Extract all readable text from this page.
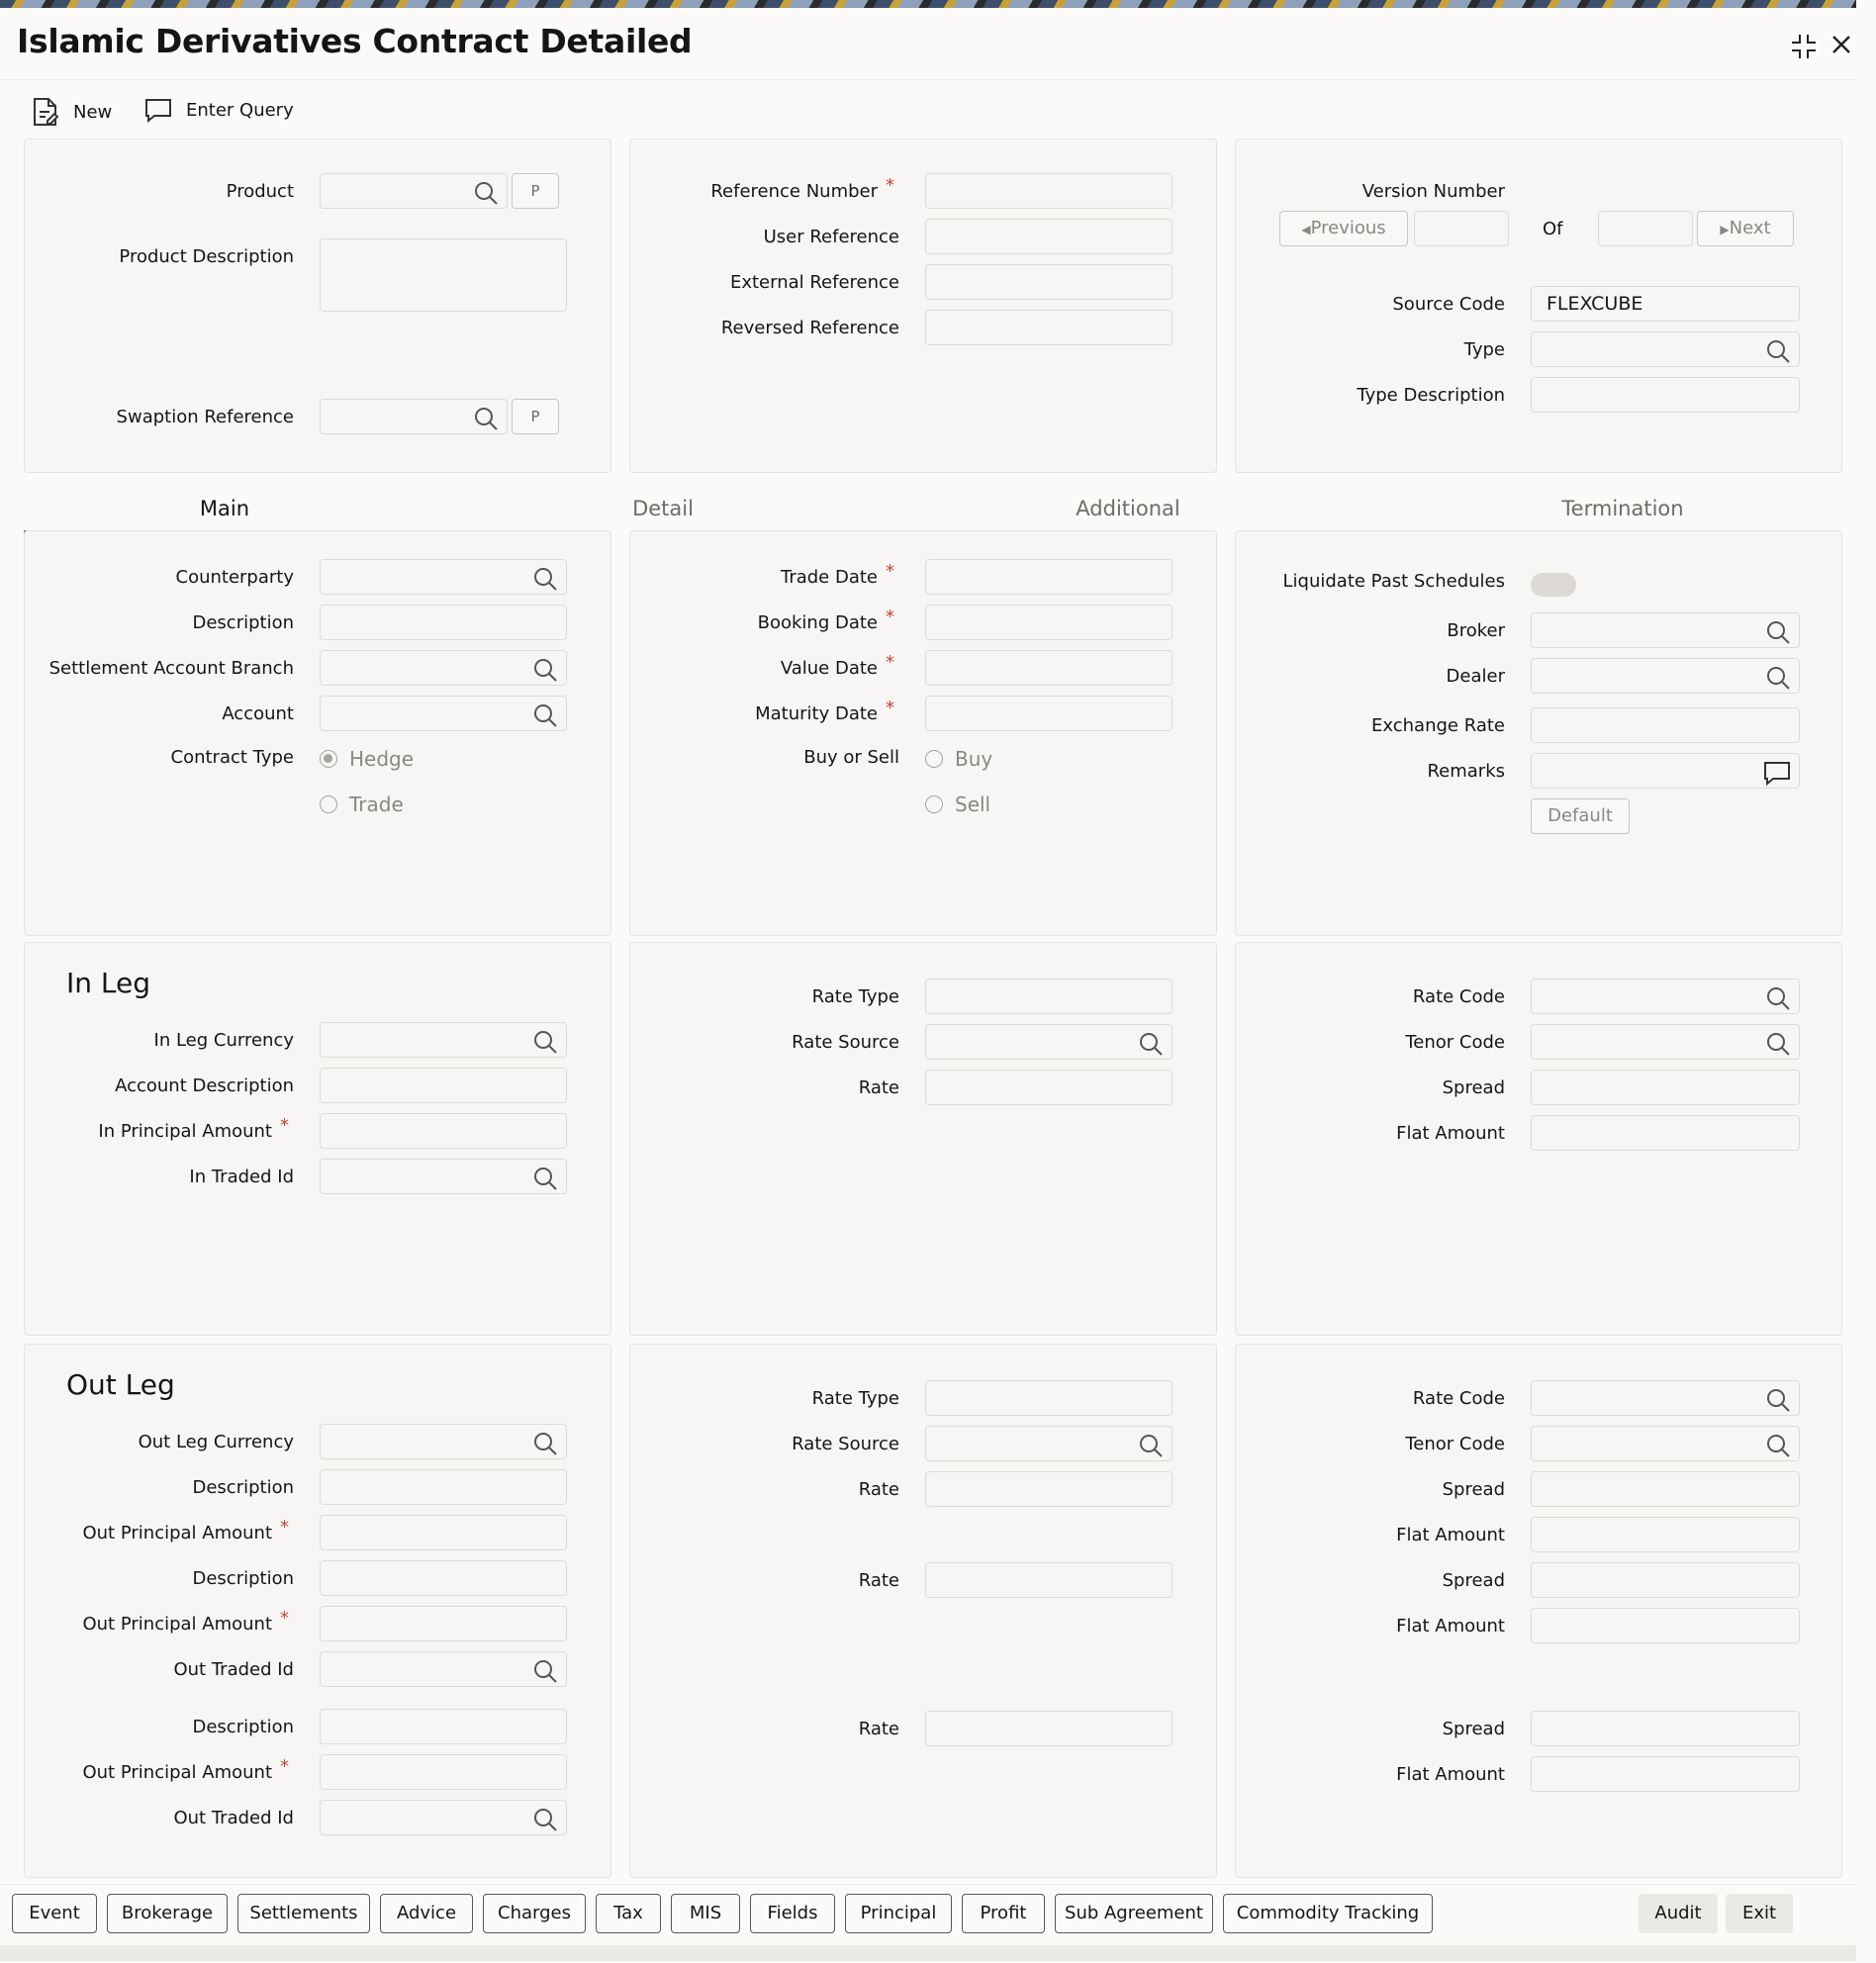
Islamic Derivatives Contract Detailed
New	Enter Query
Product	P
Product Description
Swaption Reference	P
Reference Number *
User Reference
External Reference
Reversed Reference
Version Number
◀Previous	Of	▶Next
Source Code FLEXCUBE
Type
Type Description
Main	Detail	Additional	Termination
Counterparty
Description
Settlement Account Branch
Account
Contract Type	Hedge
Trade
Trade Date *
Booking Date *
Value Date *
Maturity Date *
Buy or Sell	Buy
Sell
Liquidate Past Schedules
Broker
Dealer
Exchange Rate
Remarks
Default
In Leg
In Leg Currency
Account Description
In Principal Amount *
In Traded Id
Rate Type
Rate Source
Rate
Rate Code
Tenor Code
Spread
Flat Amount
Out Leg
Out Leg Currency
Description
Out Principal Amount *
Description
Out Principal Amount *
Out Traded Id
Description
Out Principal Amount *
Out Traded Id
Rate Type
Rate Source
Rate
Rate
Rate
Rate Code
Tenor Code
Spread
Flat Amount
Spread
Flat Amount
Spread
Flat Amount
Event	Brokerage	Settlements	Advice	Charges	Tax	MIS	Fields	Principal	Profit	Sub Agreement	Commodity Tracking	Audit	Exit
